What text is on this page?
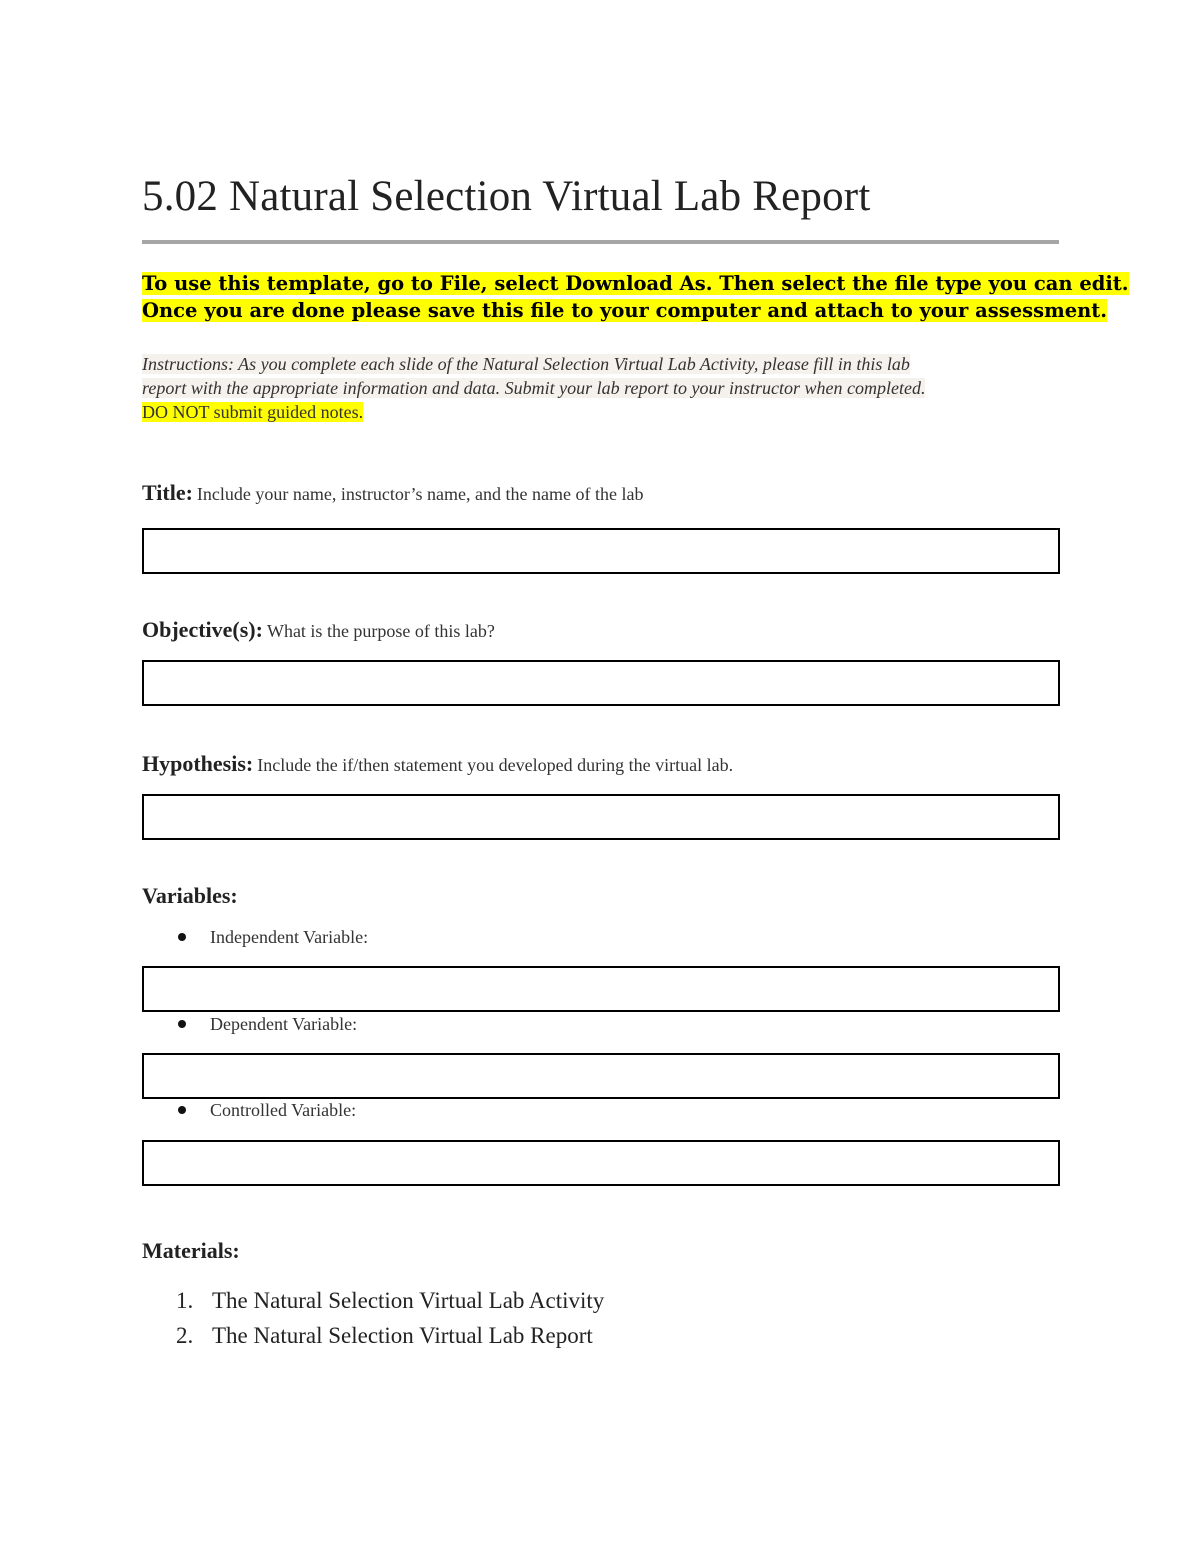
5.02 Natural Selection Virtual Lab Report
To use this template, go to File, select Download As. Then select the file type you can edit.
Once you are done please save this file to your computer and attach to your assessment.
Instructions: As you complete each slide of the Natural Selection Virtual Lab Activity, please fill in this lab
report with the appropriate information and data. Submit your lab report to your instructor when completed.
DO NOT submit guided notes.
Title: Include your name, instructor’s name, and the name of the lab
Objective(s): What is the purpose of this lab?
Hypothesis: Include the if/then statement you developed during the virtual lab.
Variables:
Independent Variable:
Dependent Variable:
Controlled Variable:
Materials:
1. The Natural Selection Virtual Lab Activity
2. The Natural Selection Virtual Lab Report
